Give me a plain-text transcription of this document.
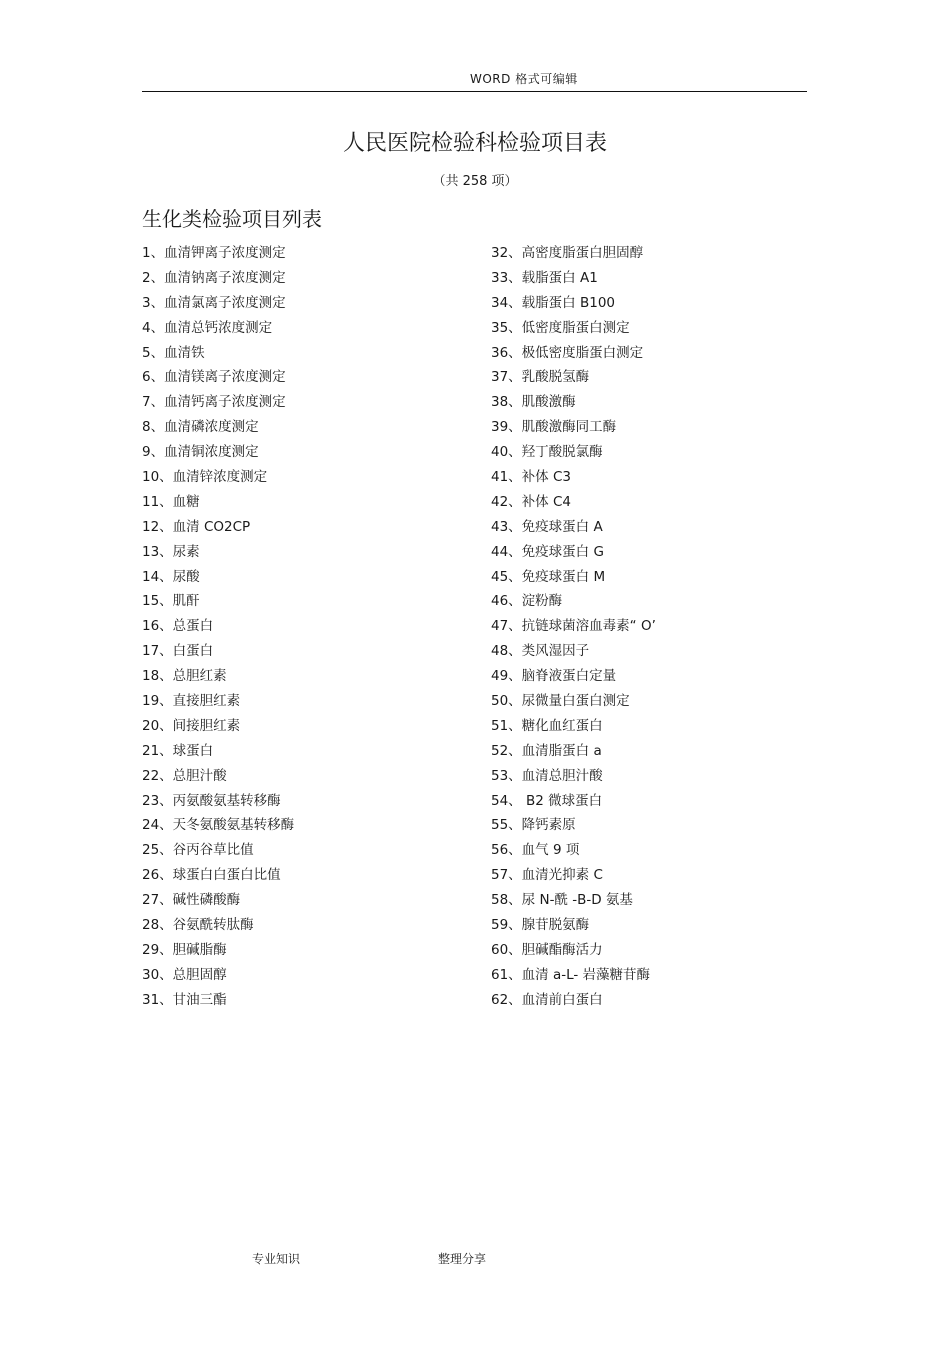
WORD 格式可编辑
人民医院检验科检验项目表
（共 258 项）
生化类检验项目列表
1、血清钾离子浓度测定
2、血清钠离子浓度测定
3、血清氯离子浓度测定
4、血清总钙浓度测定
5、血清铁
6、血清镁离子浓度测定
7、血清钙离子浓度测定
8、血清磷浓度测定
9、血清铜浓度测定
10、血清锌浓度测定
11、血糖
12、血清 CO2CP
13、尿素
14、尿酸
15、肌酐
16、总蛋白
17、白蛋白
18、总胆红素
19、直接胆红素
20、间接胆红素
21、球蛋白
22、总胆汁酸
23、丙氨酸氨基转移酶
24、天冬氨酸氨基转移酶
25、谷丙谷草比值
26、球蛋白白蛋白比值
27、碱性磷酸酶
28、谷氨酰转肽酶
29、胆碱脂酶
30、总胆固醇
31、甘油三酯
32、高密度脂蛋白胆固醇
33、载脂蛋白 A1
34、载脂蛋白 B100
35、低密度脂蛋白测定
36、极低密度脂蛋白测定
37、乳酸脱氢酶
38、肌酸激酶
39、肌酸激酶同工酶
40、羟丁酸脱氯酶
41、补体 C3
42、补体 C4
43、免疫球蛋白 A
44、免疫球蛋白 G
45、免疫球蛋白 M
46、淀粉酶
47、抗链球菌溶血毒素“ O’
48、类风湿因子
49、脑脊液蛋白定量
50、尿微量白蛋白测定
51、糖化血红蛋白
52、血清脂蛋白 a
53、血清总胆汁酸
54、 B2 微球蛋白
55、降钙素原
56、血气 9 项
57、血清光抑素 C
58、尿 N-酰 -B-D 氨基
59、腺苷脱氨酶
60、胆碱酯酶活力
61、血清 a-L- 岩藻糖苷酶
62、血清前白蛋白
专业知识	整理分享
